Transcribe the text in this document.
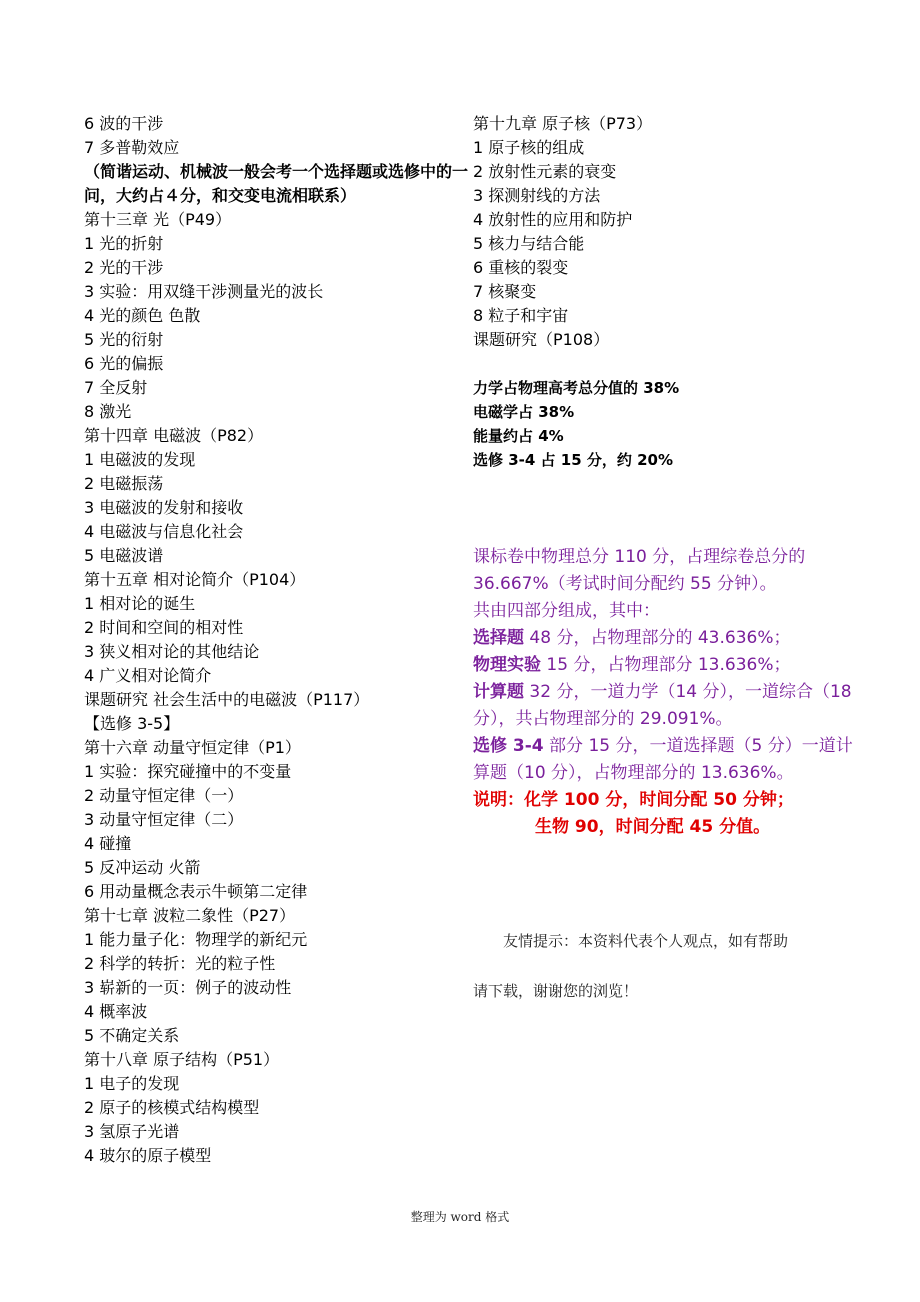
6 波的干涉
7 多普勒效应
（简谐运动、机械波一般会考一个选择题或选修中的一问，大约占４分，和交变电流相联系）
第十三章 光（P49）
1 光的折射
2 光的干涉
3 实验：用双缝干涉测量光的波长
4 光的颜色 色散
5 光的衍射
6 光的偏振
7 全反射
8 激光
第十四章 电磁波（P82）
1 电磁波的发现
2 电磁振荡
3 电磁波的发射和接收
4 电磁波与信息化社会
5 电磁波谱
第十五章 相对论简介（P104）
1 相对论的诞生
2 时间和空间的相对性
3 狭义相对论的其他结论
4 广义相对论简介
课题研究 社会生活中的电磁波（P117）
【选修 3-5】
第十六章 动量守恒定律（P1）
1 实验：探究碰撞中的不变量
2 动量守恒定律（一）
3 动量守恒定律（二）
4 碰撞
5 反冲运动 火箭
6 用动量概念表示牛顿第二定律
第十七章 波粒二象性（P27）
1 能力量子化：物理学的新纪元
2 科学的转折：光的粒子性
3 崭新的一页：例子的波动性
4 概率波
5 不确定关系
第十八章 原子结构（P51）
1 电子的发现
2 原子的核模式结构模型
3 氢原子光谱
4 玻尔的原子模型
第十九章 原子核（P73）
1 原子核的组成
2 放射性元素的衰变
3 探测射线的方法
4 放射性的应用和防护
5 核力与结合能
6 重核的裂变
7 核聚变
8 粒子和宇宙
课题研究（P108）
力学占物理高考总分值的 38%
电磁学占 38%
能量约占 4%
选修 3-4 占 15 分，约 20%
课标卷中物理总分 110 分，占理综卷总分的 36.667%（考试时间分配约 55 分钟）。
共由四部分组成，其中：
选择题 48 分，占物理部分的 43.636%；
物理实验 15 分，占物理部分 13.636%；
计算题 32 分，一道力学（14 分），一道综合（18 分），共占物理部分的 29.091%。
选修 3-4 部分 15 分，一道选择题（5 分）一道计算题（10 分），占物理部分的 13.636%。
说明：化学 100 分，时间分配 50 分钟；
生物 90，时间分配 45 分值。
友情提示：本资料代表个人观点，如有帮助
请下载，谢谢您的浏览！
整理为 word 格式
